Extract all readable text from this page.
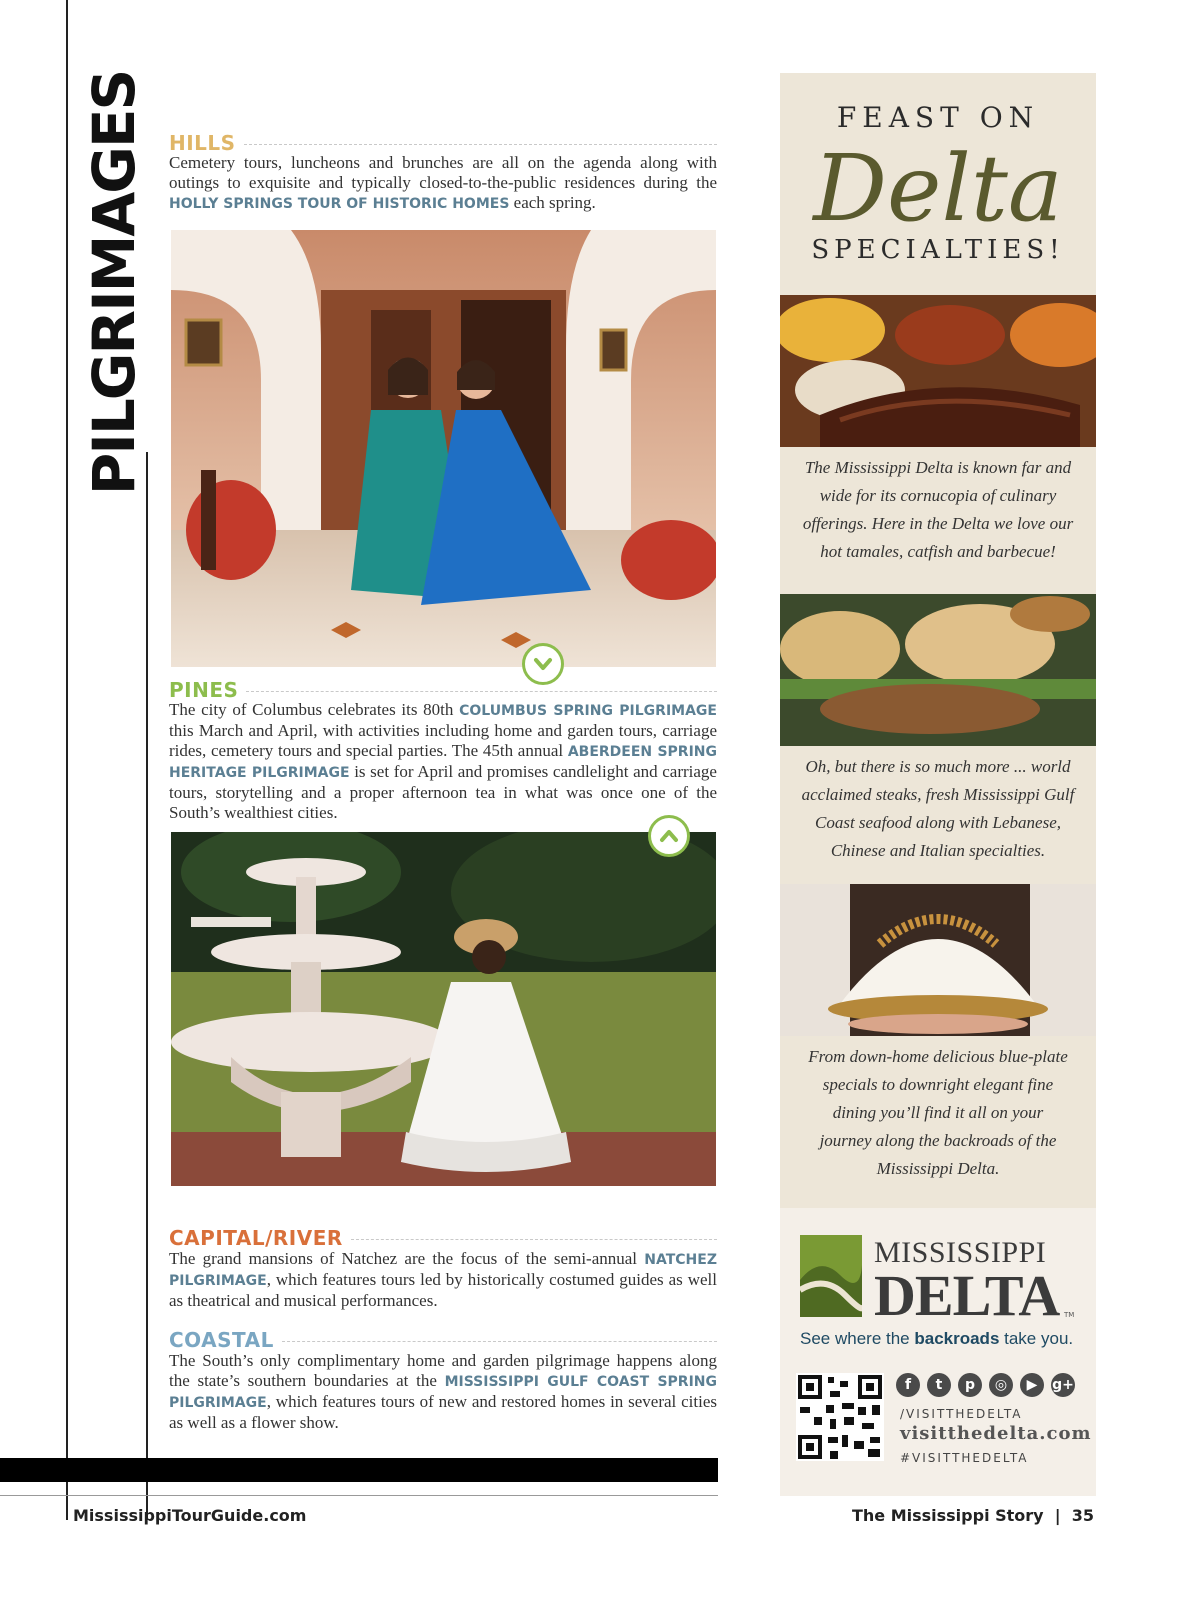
PILGRIMAGES HILLS
Cemetery tours, luncheons and brunches are all on the agenda along with outings to exquisite and typically closed-to-the-public residences during the HOLLY SPRINGS TOUR OF HISTORIC HOMES each spring.
PINES
The city of Columbus celebrates its 80th COLUMBUS SPRING PILGRIMAGE this March and April, with activities including home and garden tours, carriage rides, cemetery tours and special parties. The 45th annual ABERDEEN SPRING HERITAGE PILGRIMAGE is set for April and promises candlelight and carriage tours, storytelling and a proper afternoon tea in what was once one of the South’s wealthiest cities.
CAPITAL/RIVER
The grand mansions of Natchez are the focus of the semi-annual NATCHEZ PILGRIMAGE, which features tours led by historically costumed guides as well as theatrical and musical performances.
COASTAL
The South’s only complimentary home and garden pilgrimage happens along the state’s southern boundaries at the MISSISSIPPI GULF COAST SPRING PILGRIMAGE, which features tours of new and restored homes in several cities as well as a flower show.
FEAST ON
Delta
SPECIALTIES!
The Mississippi Delta is known far and wide for its cornucopia of culinary offerings. Here in the Delta we love our hot tamales, catfish and barbecue!
Oh, but there is so much more ... world acclaimed steaks, fresh Mississippi Gulf Coast seafood along with Lebanese, Chinese and Italian specialties.
From down-home delicious blue-plate specials to downright elegant fine dining you’ll find it all on your journey along the backroads of the Mississippi Delta.
MISSISSIPPI
DELTA TM
See where the backroads take you.
f	t	p	◎	▶	g+
/VISITTHEDELTA
visitthedelta.com
#VISITTHEDELTA
MississippiTourGuide.com	The Mississippi Story  |  35
